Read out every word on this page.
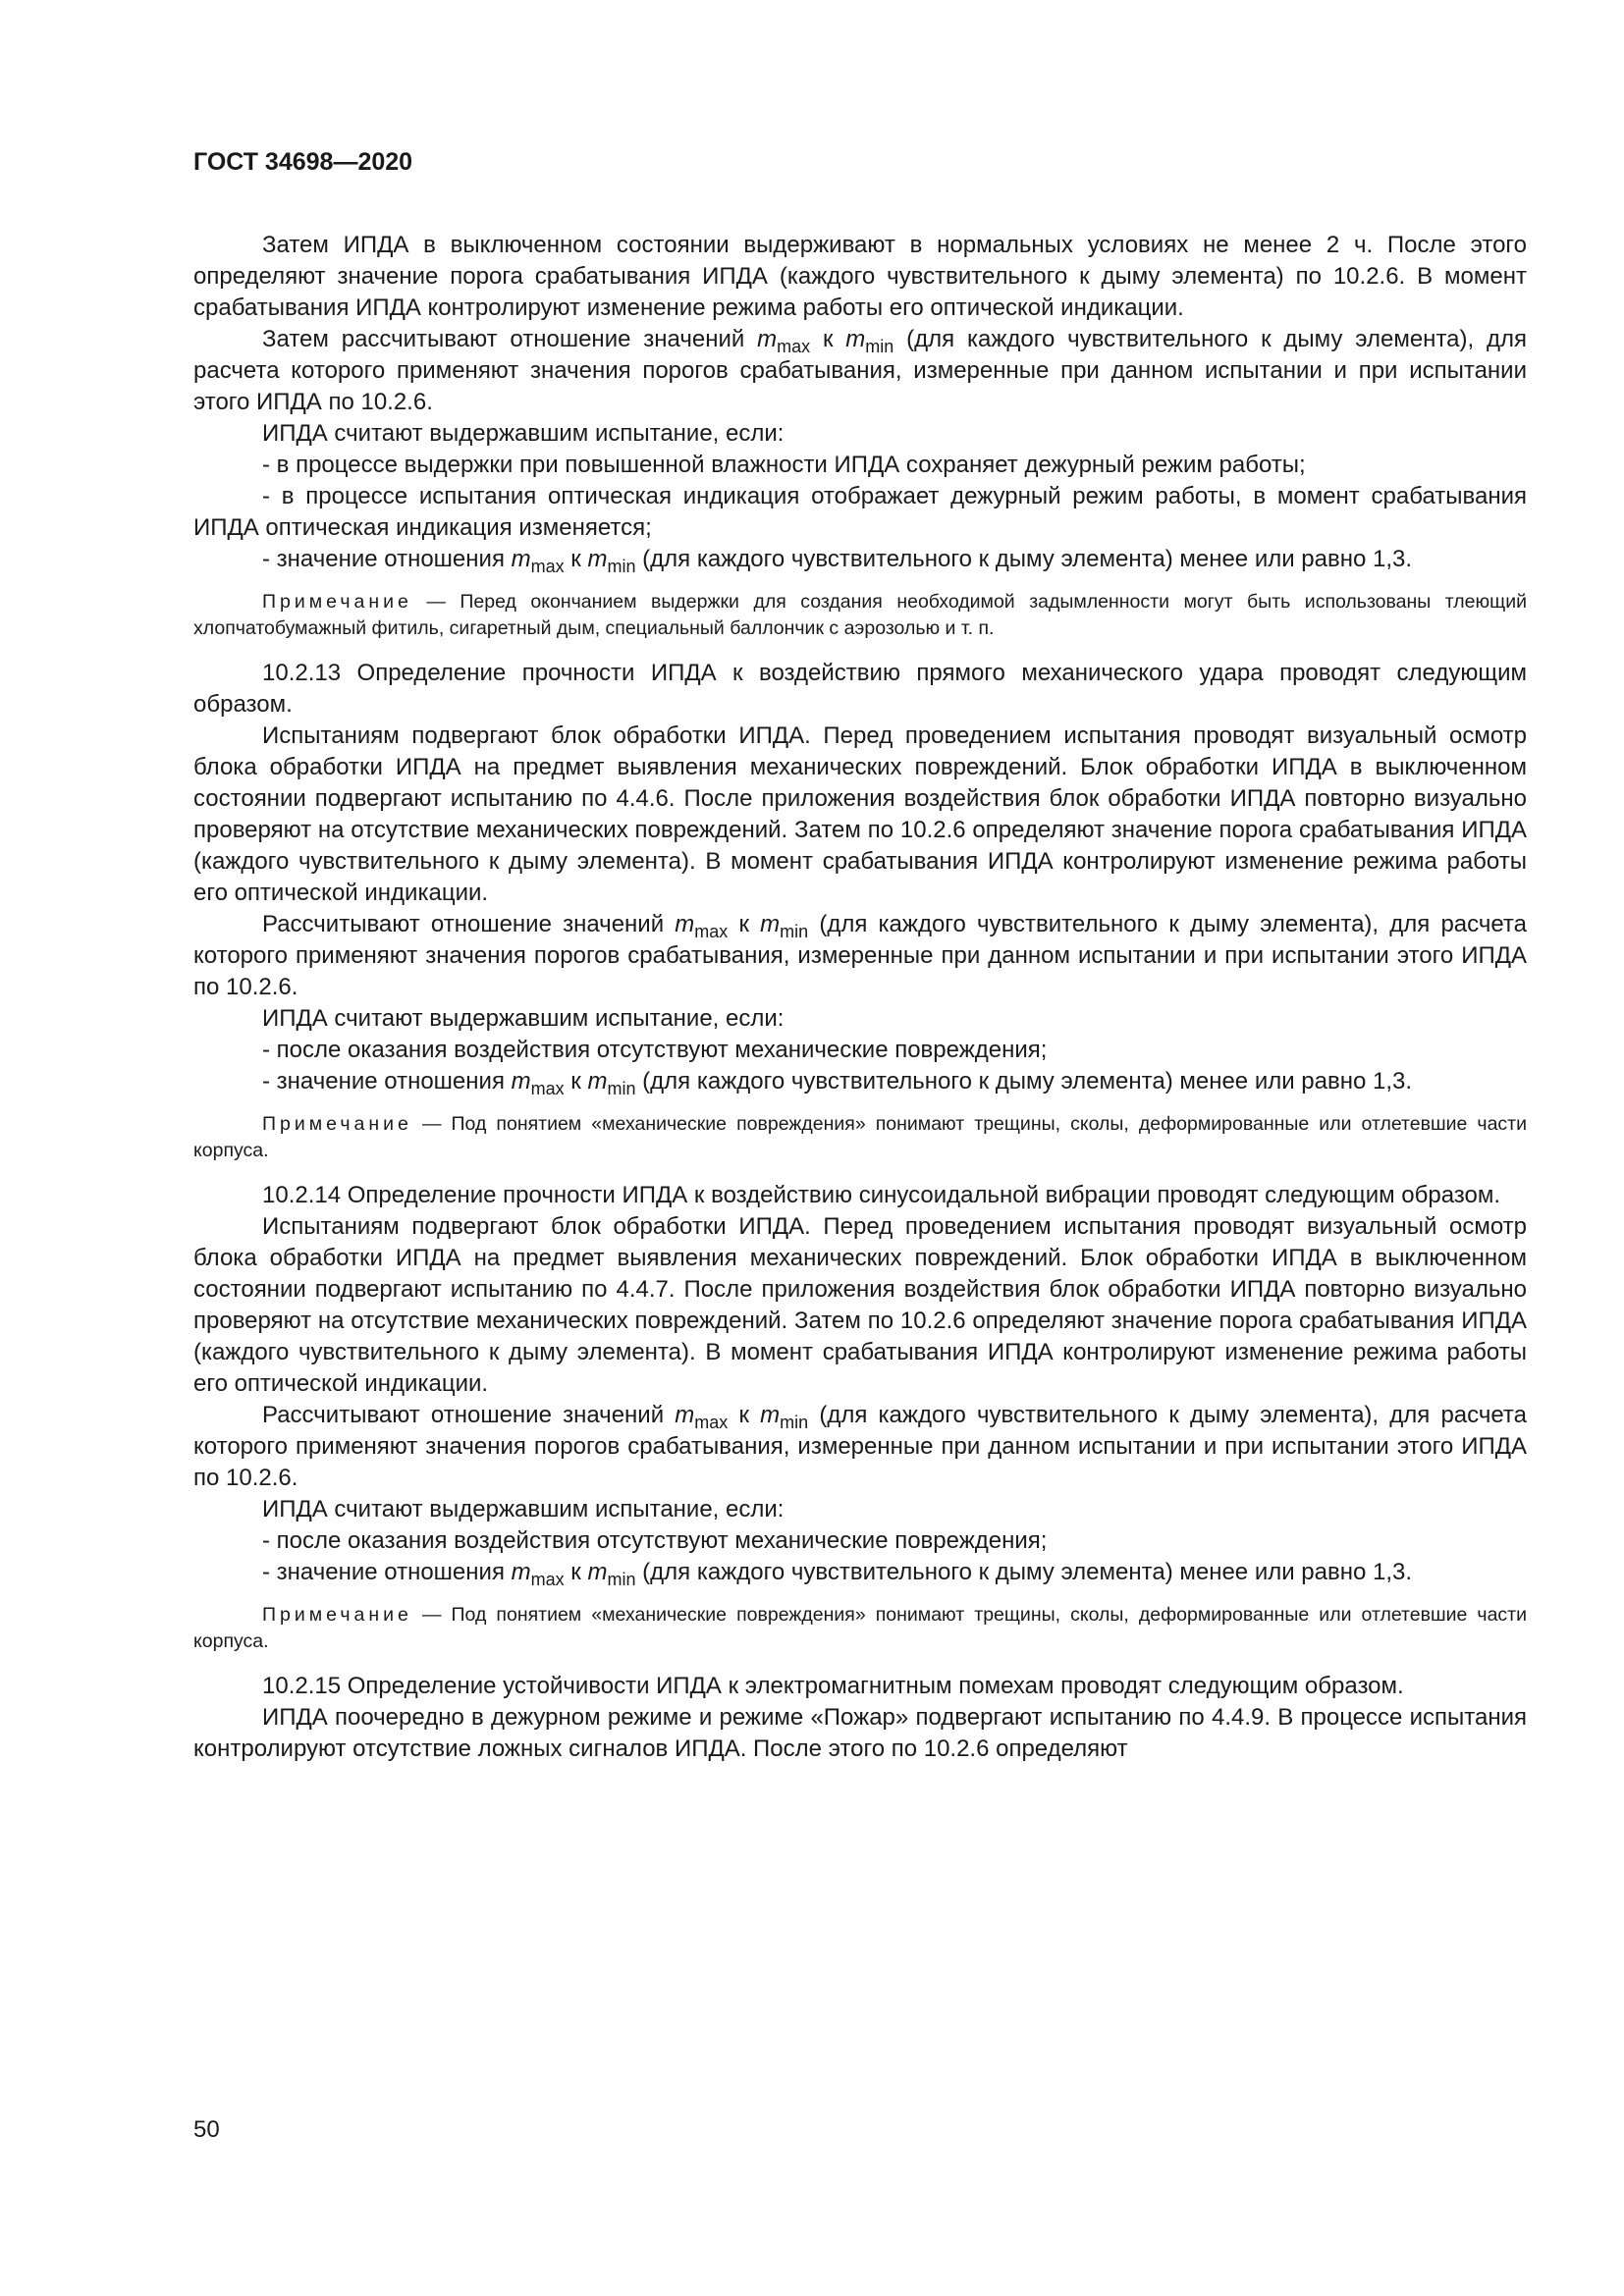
ГОСТ 34698—2020

Затем ИПДА в выключенном состоянии выдерживают в нормальных условиях не менее 2 ч. После этого определяют значение порога срабатывания ИПДА (каждого чувствительного к дыму элемента) по 10.2.6. В момент срабатывания ИПДА контролируют изменение режима работы его оптической индикации.

Затем рассчитывают отношение значений $m_{max}$ к $m_{min}$ (для каждого чувствительного к дыму элемента), для расчета которого применяют значения порогов срабатывания, измеренные при данном испытании и при испытании этого ИПДА по 10.2.6.

ИПДА считают выдержавшим испытание, если:

- в процессе выдержки при повышенной влажности ИПДА сохраняет дежурный режим работы;

- в процессе испытания оптическая индикация отображает дежурный режим работы, в момент срабатывания ИПДА оптическая индикация изменяется;

- значение отношения $m_{max}$ к $m_{min}$ (для каждого чувствительного к дыму элемента) менее или равно 1,3.

Примечание — Перед окончанием выдержки для создания необходимой задымленности могут быть использованы тлеющий хлопчатобумажный фитиль, сигаретный дым, специальный баллончик с аэрозолью и т. п.

10.2.13 Определение прочности ИПДА к воздействию прямого механического удара проводят следующим образом.

Испытаниям подвергают блок обработки ИПДА. Перед проведением испытания проводят визуальный осмотр блока обработки ИПДА на предмет выявления механических повреждений. Блок обработки ИПДА в выключенном состоянии подвергают испытанию по 4.4.6. После приложения воздействия блок обработки ИПДА повторно визуально проверяют на отсутствие механических повреждений. Затем по 10.2.6 определяют значение порога срабатывания ИПДА (каждого чувствительного к дыму элемента). В момент срабатывания ИПДА контролируют изменение режима работы его оптической индикации.

Рассчитывают отношение значений $m_{max}$ к $m_{min}$ (для каждого чувствительного к дыму элемента), для расчета которого применяют значения порогов срабатывания, измеренные при данном испытании и при испытании этого ИПДА по 10.2.6.

ИПДА считают выдержавшим испытание, если:

- после оказания воздействия отсутствуют механические повреждения;

- значение отношения $m_{max}$ к $m_{min}$ (для каждого чувствительного к дыму элемента) менее или равно 1,3.

Примечание — Под понятием «механические повреждения» понимают трещины, сколы, деформированные или отлетевшие части корпуса.

10.2.14 Определение прочности ИПДА к воздействию синусоидальной вибрации проводят следующим образом.

Испытаниям подвергают блок обработки ИПДА. Перед проведением испытания проводят визуальный осмотр блока обработки ИПДА на предмет выявления механических повреждений. Блок обработки ИПДА в выключенном состоянии подвергают испытанию по 4.4.7. После приложения воздействия блок обработки ИПДА повторно визуально проверяют на отсутствие механических повреждений. Затем по 10.2.6 определяют значение порога срабатывания ИПДА (каждого чувствительного к дыму элемента). В момент срабатывания ИПДА контролируют изменение режима работы его оптической индикации.

Рассчитывают отношение значений $m_{max}$ к $m_{min}$ (для каждого чувствительного к дыму элемента), для расчета которого применяют значения порогов срабатывания, измеренные при данном испытании и при испытании этого ИПДА по 10.2.6.

ИПДА считают выдержавшим испытание, если:

- после оказания воздействия отсутствуют механические повреждения;

- значение отношения $m_{max}$ к $m_{min}$ (для каждого чувствительного к дыму элемента) менее или равно 1,3.

Примечание — Под понятием «механические повреждения» понимают трещины, сколы, деформированные или отлетевшие части корпуса.

10.2.15 Определение устойчивости ИПДА к электромагнитным помехам проводят следующим образом.

ИПДА поочередно в дежурном режиме и режиме «Пожар» подвергают испытанию по 4.4.9. В процессе испытания контролируют отсутствие ложных сигналов ИПДА. После этого по 10.2.6 определяют

50
